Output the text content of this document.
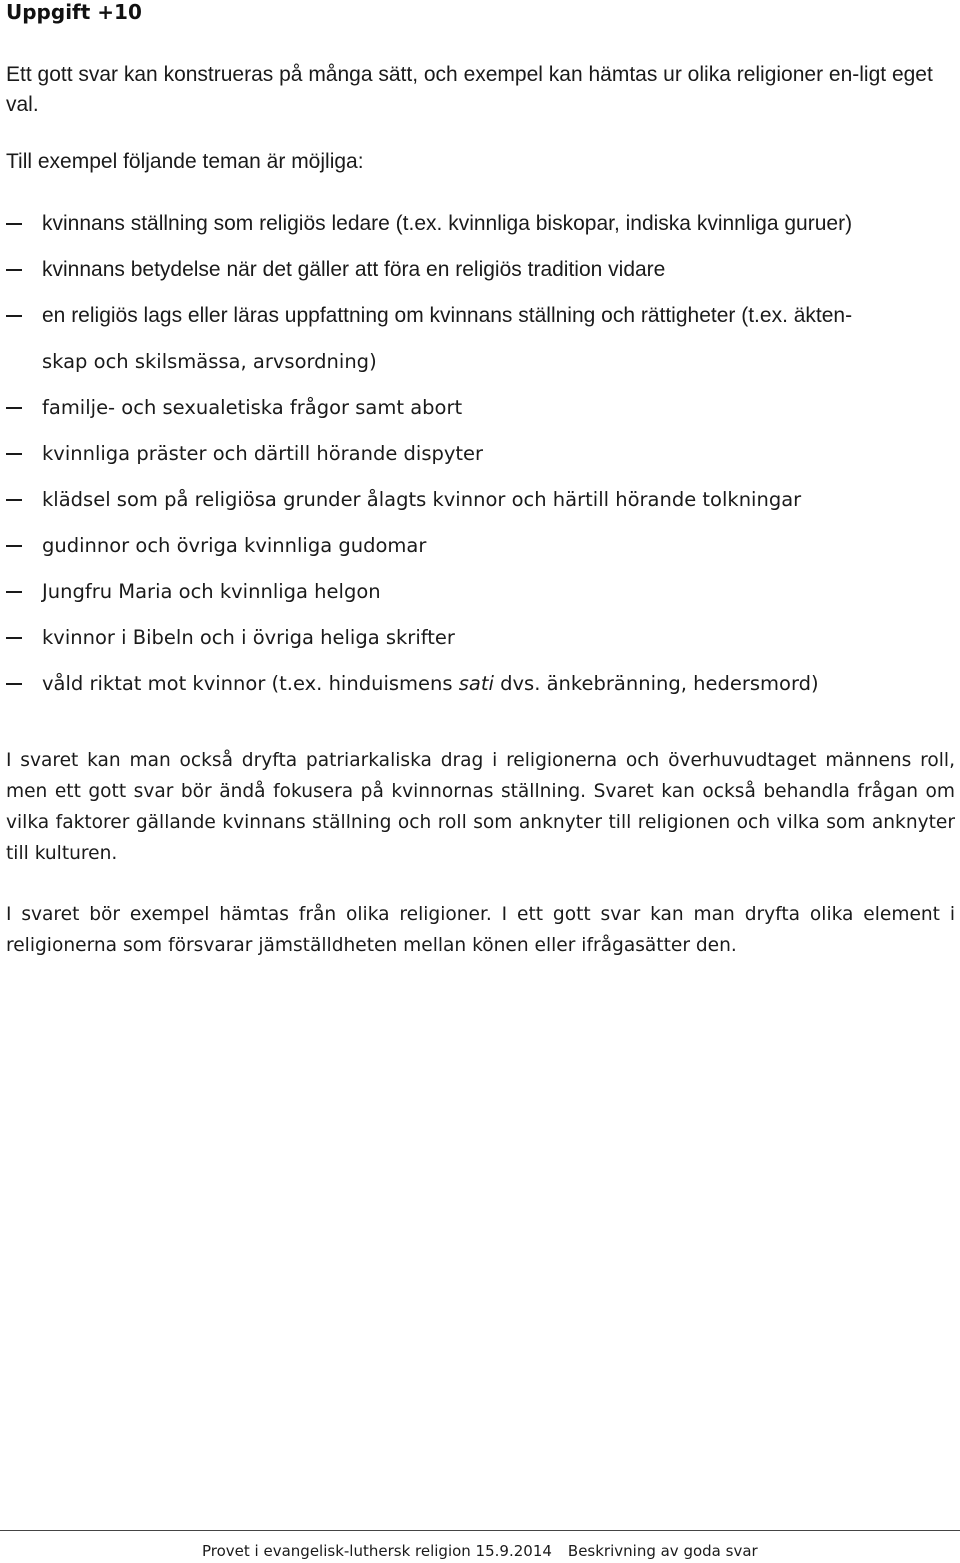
Uppgift +10

Ett gott svar kan konstrueras på många sätt, och exempel kan hämtas ur olika religioner en-ligt eget val.

Till exempel följande teman är möjliga:

kvinnans ställning som religiös ledare (t.ex. kvinnliga biskopar, indiska kvinnliga guruer)
kvinnans betydelse när det gäller att föra en religiös tradition vidare
en religiös lags eller läras uppfattning om kvinnans ställning och rättigheter (t.ex. äkten-
skap och skilsmässa, arvsordning)
familje- och sexualetiska frågor samt abort
kvinnliga präster och därtill hörande dispyter
klädsel som på religiösa grunder ålagts kvinnor och härtill hörande tolkningar
gudinnor och övriga kvinnliga gudomar
Jungfru Maria och kvinnliga helgon
kvinnor i Bibeln och i övriga heliga skrifter
våld riktat mot kvinnor (t.ex. hinduismens sati dvs. änkebränning, hedersmord)

I svaret kan man också dryfta patriarkaliska drag i religionerna och överhuvudtaget männens roll, men ett gott svar bör ändå fokusera på kvinnornas ställning. Svaret kan också behandla frågan om vilka faktorer gällande kvinnans ställning och roll som anknyter till religionen och vilka som anknyter till kulturen.

I svaret bör exempel hämtas från olika religioner. I ett gott svar kan man dryfta olika element i religionerna som försvarar jämställdheten mellan könen eller ifrågasätter den.

Provet i evangelisk-luthersk religion 15.9.2014 Beskrivning av goda svar
